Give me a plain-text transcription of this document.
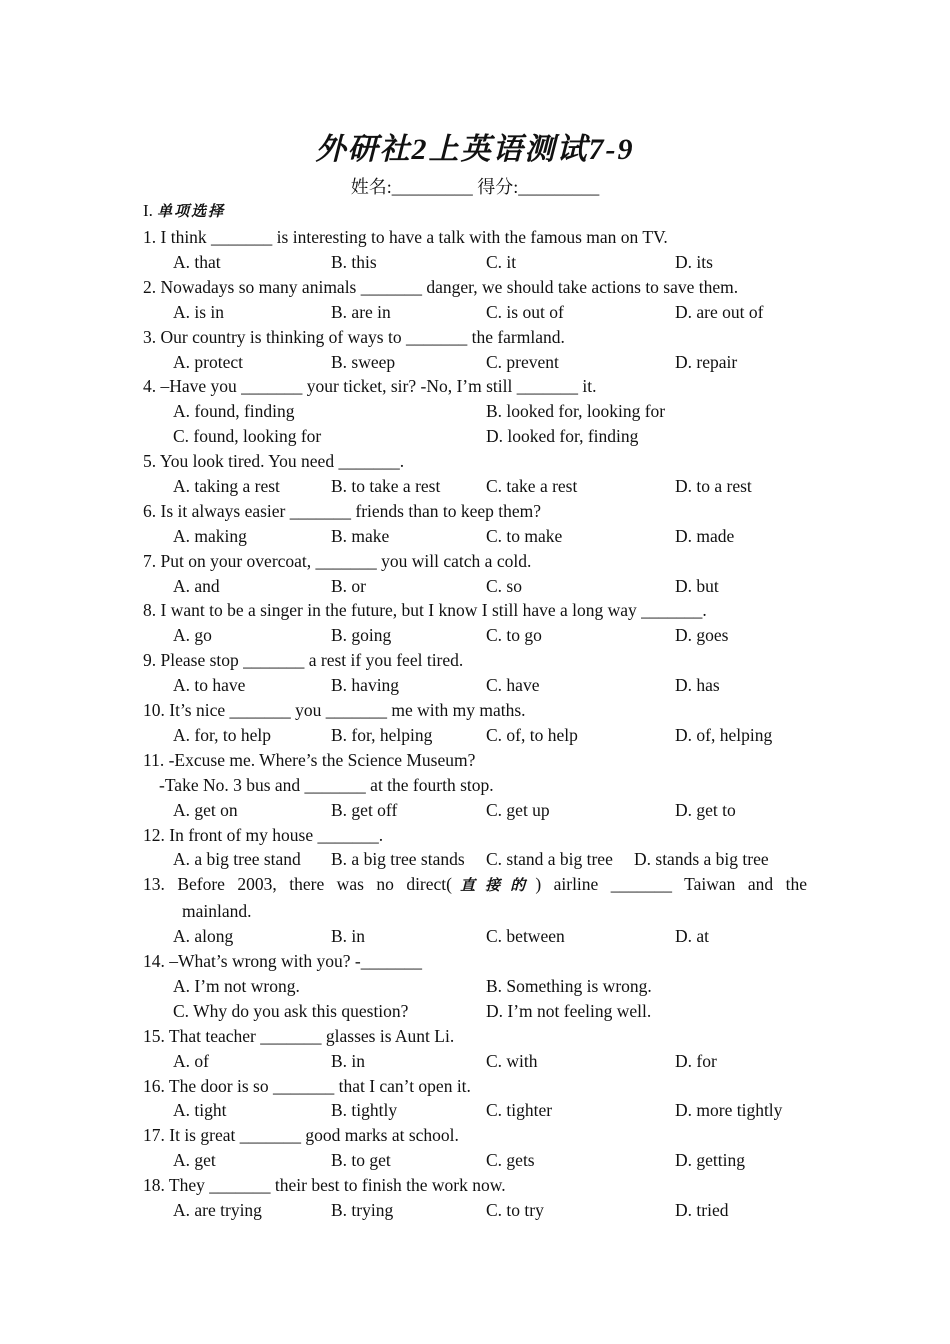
外研社2上英语测试7-9
姓名:_________ 得分:_________
I. 单项选择
1. I think _______ is interesting to have a talk with the famous man on TV.
A. that	B. this	C. it	D. its
2. Nowadays so many animals _______ danger, we should take actions to save them.
A. is in	B. are in	C. is out of	D. are out of
3. Our country is thinking of ways to _______ the farmland.
A. protect	B. sweep	C. prevent	D. repair
4. –Have you _______ your ticket, sir? -No, I’m still _______ it.
A. found, finding	B. looked for, looking for
C. found, looking for	D. looked for, finding
5. You look tired. You need _______.
A. taking a rest	B. to take a rest	C. take a rest	D. to a rest
6. Is it always easier _______ friends than to keep them?
A. making	B. make	C. to make	D. made
7. Put on your overcoat, _______ you will catch a cold.
A. and	B. or	C. so	D. but
8. I want to be a singer in the future, but I know I still have a long way _______.
A. go	B. going	C. to go	D. goes
9. Please stop _______ a rest if you feel tired.
A. to have	B. having	C. have	D. has
10. It’s nice _______ you _______ me with my maths.
A. for, to help	B. for, helping	C. of, to help	D. of, helping
11. -Excuse me. Where’s the Science Museum?
-Take No. 3 bus and _______ at the fourth stop.
A. get on	B. get off	C. get up	D. get to
12. In front of my house _______.
A. a big tree stand B. a big tree stands C. stand a big tree D. stands a big tree
13. Before 2003, there was no direct(直接的) airline _______ Taiwan and the
mainland.
A. along	B. in	C. between	D. at
14. –What’s wrong with you? -_______
A. I’m not wrong.	B. Something is wrong.
C. Why do you ask this question?	D. I’m not feeling well.
15. That teacher _______ glasses is Aunt Li.
A. of	B. in	C. with	D. for
16. The door is so _______ that I can’t open it.
A. tight	B. tightly	C. tighter	D. more tightly
17. It is great _______ good marks at school.
A. get	B. to get	C. gets	D. getting
18. They _______ their best to finish the work now.
A. are trying	B. trying	C. to try	D. tried
